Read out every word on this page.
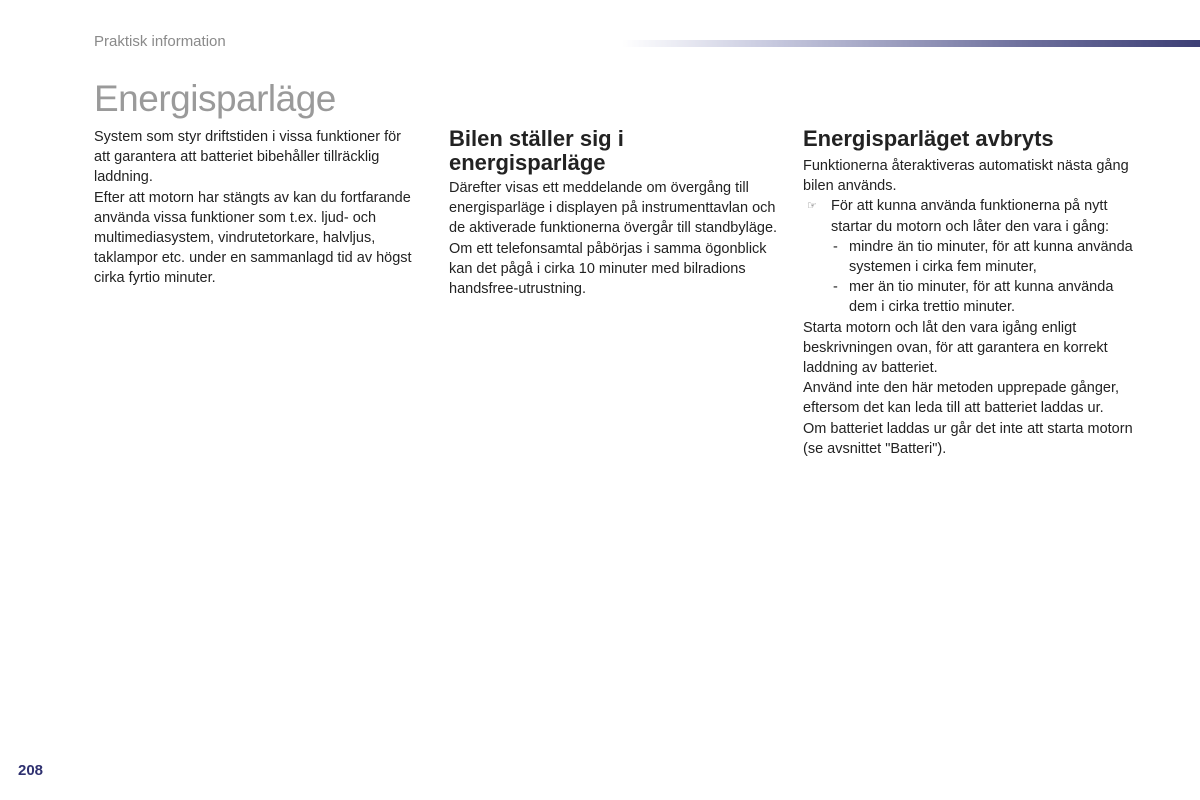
Praktisk information
Energisparläge

System som styr driftstiden i vissa funktioner för att garantera att batteriet bibehåller tillräcklig laddning.

Efter att motorn har stängts av kan du fortfarande använda vissa funktioner som t.ex. ljud- och multimediasystem, vindrutetorkare, halvljus, taklampor etc. under en sammanlagd tid av högst cirka fyrtio minuter.

Bilen ställer sig i energisparläge

Därefter visas ett meddelande om övergång till energisparläge i displayen på instrumenttavlan och de aktiverade funktionerna övergår till standbyläge.

Om ett telefonsamtal påbörjas i samma ögonblick kan det pågå i cirka 10 minuter med bilradions handsfree-utrustning.

Energisparläget avbryts

Funktionerna återaktiveras automatiskt nästa gång bilen används.

☞ För att kunna använda funktionerna på nytt startar du motorn och låter den vara i gång:
- mindre än tio minuter, för att kunna använda systemen i cirka fem minuter,
- mer än tio minuter, för att kunna använda dem i cirka trettio minuter.

Starta motorn och låt den vara igång enligt beskrivningen ovan, för att garantera en korrekt laddning av batteriet.

Använd inte den här metoden upprepade gånger, eftersom det kan leda till att batteriet laddas ur.

Om batteriet laddas ur går det inte att starta motorn (se avsnittet "Batteri").

208
